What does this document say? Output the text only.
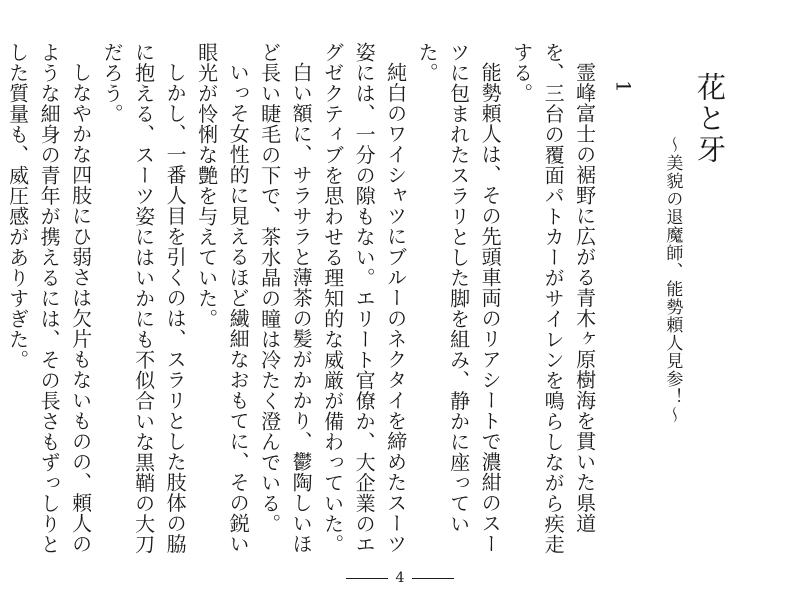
花と牙
～美貌の退魔師、能勢頼人見参！～
1

霊峰富士の裾野に広がる青木ヶ原樹海を貫いた県道を、三台の覆面パトカーがサイレンを鳴らしながら疾走する。

能勢頼人は、その先頭車両のリアシートで濃紺のスーツに包まれたスラリとした脚を組み、静かに座っていた。

純白のワイシャツにブルーのネクタイを締めたスーツ姿には、一分の隙もない。エリート官僚か、大企業のエグゼクティブを思わせる理知的な威厳が備わっていた。

白い額に、サラサラと薄茶の髪がかかり、鬱陶しいほど長い睫毛の下で、茶水晶の瞳は冷たく澄んでいる。

いっそ女性的に見えるほど繊細なおもてに、その鋭い眼光が怜悧な艶を与えていた。

しかし、一番人目を引くのは、スラリとした肢体の脇に抱える、スーツ姿にはいかにも不似合いな黒鞘の大刀だろう。

しなやかな四肢にひ弱さは欠片もないものの、頼人のような細身の青年が携えるには、その長さもずっしりとした質量も、威圧感がありすぎた。

4
